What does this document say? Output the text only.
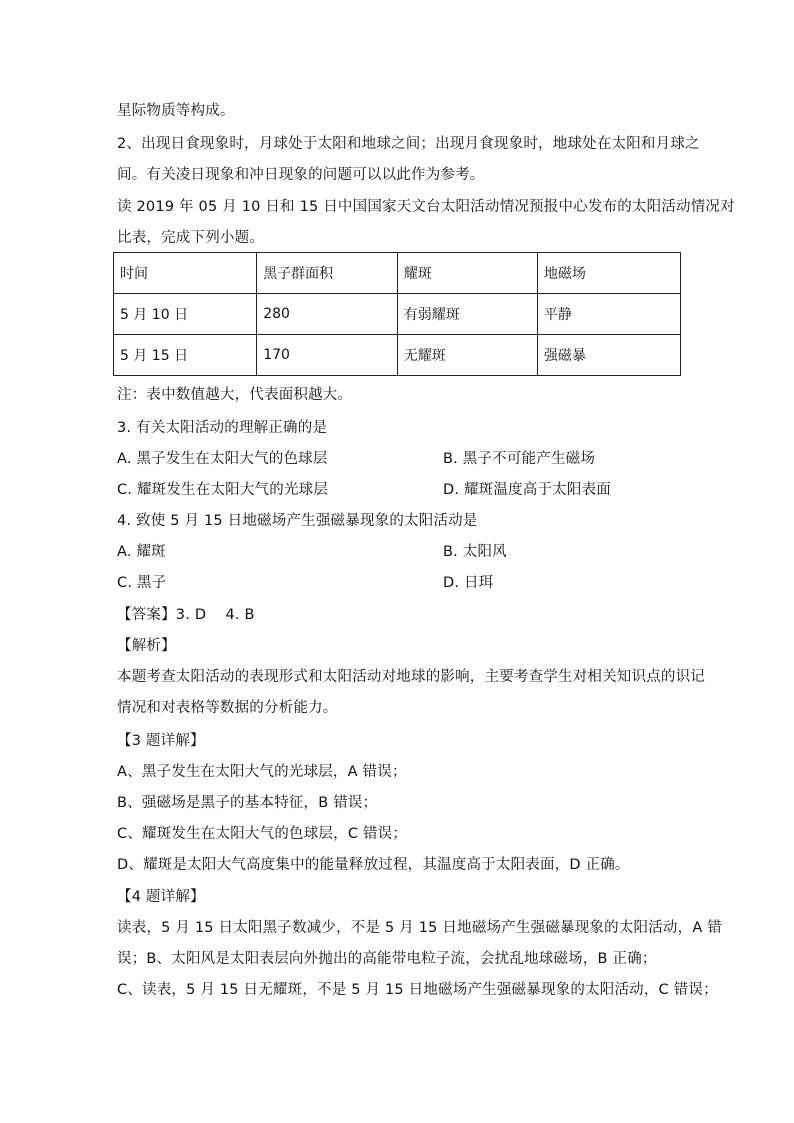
星际物质等构成。
2、出现日食现象时，月球处于太阳和地球之间；出现月食现象时，地球处在太阳和月球之
间。有关凌日现象和冲日现象的问题可以以此作为参考。
读 2019 年 05 月 10 日和 15 日中国国家天文台太阳活动情况预报中心发布的太阳活动情况对
比表，完成下列小题。
时间	黑子群面积	耀斑	地磁场
5 月 10 日	280	有弱耀斑	平静
5 月 15 日	170	无耀斑	强磁暴
注：表中数值越大，代表面积越大。
3. 有关太阳活动的理解正确的是
A. 黑子发生在太阳大气的色球层	B. 黑子不可能产生磁场
C. 耀斑发生在太阳大气的光球层	D. 耀斑温度高于太阳表面
4. 致使 5 月 15 日地磁场产生强磁暴现象的太阳活动是
A. 耀斑	B. 太阳风
C. 黑子	D. 日珥
【答案】3. D    4. B
【解析】
本题考查太阳活动的表现形式和太阳活动对地球的影响，主要考查学生对相关知识点的识记
情况和对表格等数据的分析能力。
【3 题详解】
A、黑子发生在太阳大气的光球层，A 错误；
B、强磁场是黑子的基本特征，B 错误；
C、耀斑发生在太阳大气的色球层，C 错误；
D、耀斑是太阳大气高度集中的能量释放过程，其温度高于太阳表面，D 正确。
【4 题详解】
读表，5 月 15 日太阳黑子数减少，不是 5 月 15 日地磁场产生强磁暴现象的太阳活动，A 错
误；B、太阳风是太阳表层向外抛出的高能带电粒子流，会扰乱地球磁场，B 正确；
C、读表，5 月 15 日无耀斑，不是 5 月 15 日地磁场产生强磁暴现象的太阳活动，C 错误；
